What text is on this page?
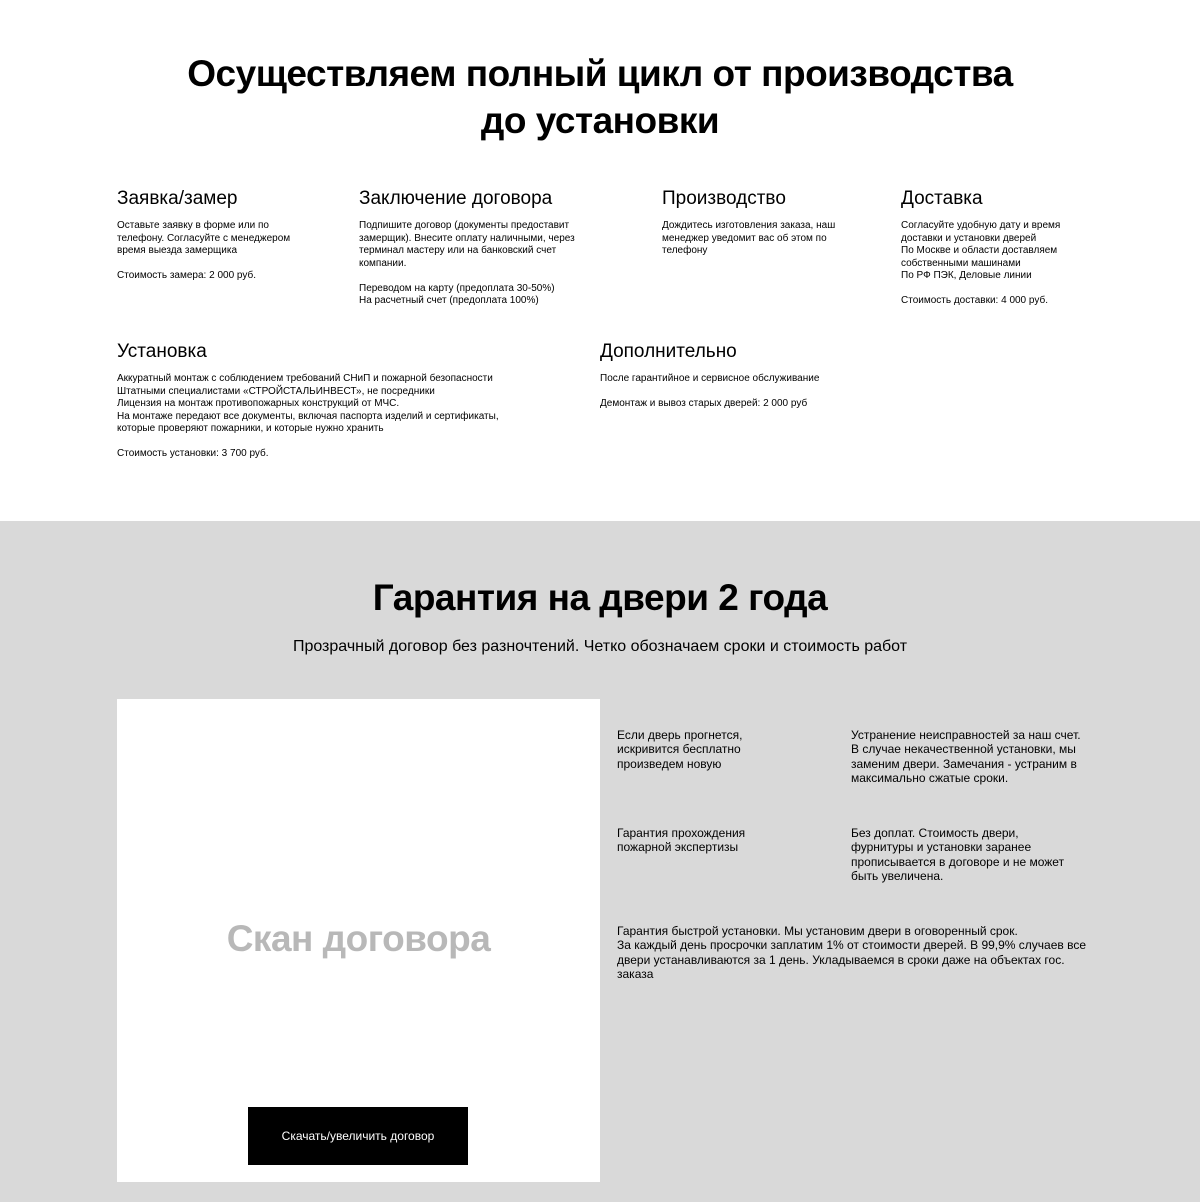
Осуществляем полный цикл от производства
до установки
Заявка/замер

Оставьте заявку в форме или по
телефону. Согласуйте с менеджером
время выезда замерщика

Стоимость замера: 2 000 руб.

Заключение договора

Подпишите договор (документы предоставит
замерщик). Внесите оплату наличными, через
терминал мастеру или на банковский счет
компании.

Переводом на карту (предоплата 30-50%)
На расчетный счет (предоплата 100%)

Производство

Дождитесь изготовления заказа, наш
менеджер уведомит вас об этом по
телефону

Доставка

Согласуйте удобную дату и время
доставки и установки дверей
По Москве и области доставляем
собственными машинами
По РФ ПЭК, Деловые линии

Стоимость доставки: 4 000 руб.

Установка

Аккуратный монтаж с соблюдением требований СНиП и пожарной безопасности
Штатными специалистами «СТРОЙСТАЛЬИНВЕСТ», не посредники
Лицензия на монтаж противопожарных конструкций от МЧС.
На монтаже передают все документы, включая паспорта изделий и сертификаты,
которые проверяют пожарники, и которые нужно хранить

Стоимость установки: 3 700 руб.

Дополнительно

После гарантийное и сервисное обслуживание

Демонтаж и вывоз старых дверей: 2 000 руб

Гарантия на двери 2 года

Прозрачный договор без разночтений. Четко обозначаем сроки и стоимость работ

Скан договора
Скачать/увеличить договор

Если дверь прогнется,
искривится бесплатно
произведем новую

Устранение неисправностей за наш счет.
В случае некачественной установки, мы
заменим двери. Замечания - устраним в
максимально сжатые сроки.

Гарантия прохождения
пожарной экспертизы

Без доплат. Стоимость двери,
фурнитуры и установки заранее
прописывается в договоре и не может
быть увеличена.

Гарантия быстрой установки. Мы установим двери в оговоренный срок.
За каждый день просрочки заплатим 1% от стоимости дверей. В 99,9% случаев все
двери устанавливаются за 1 день. Укладываемся в сроки даже на объектах гос.
заказа
